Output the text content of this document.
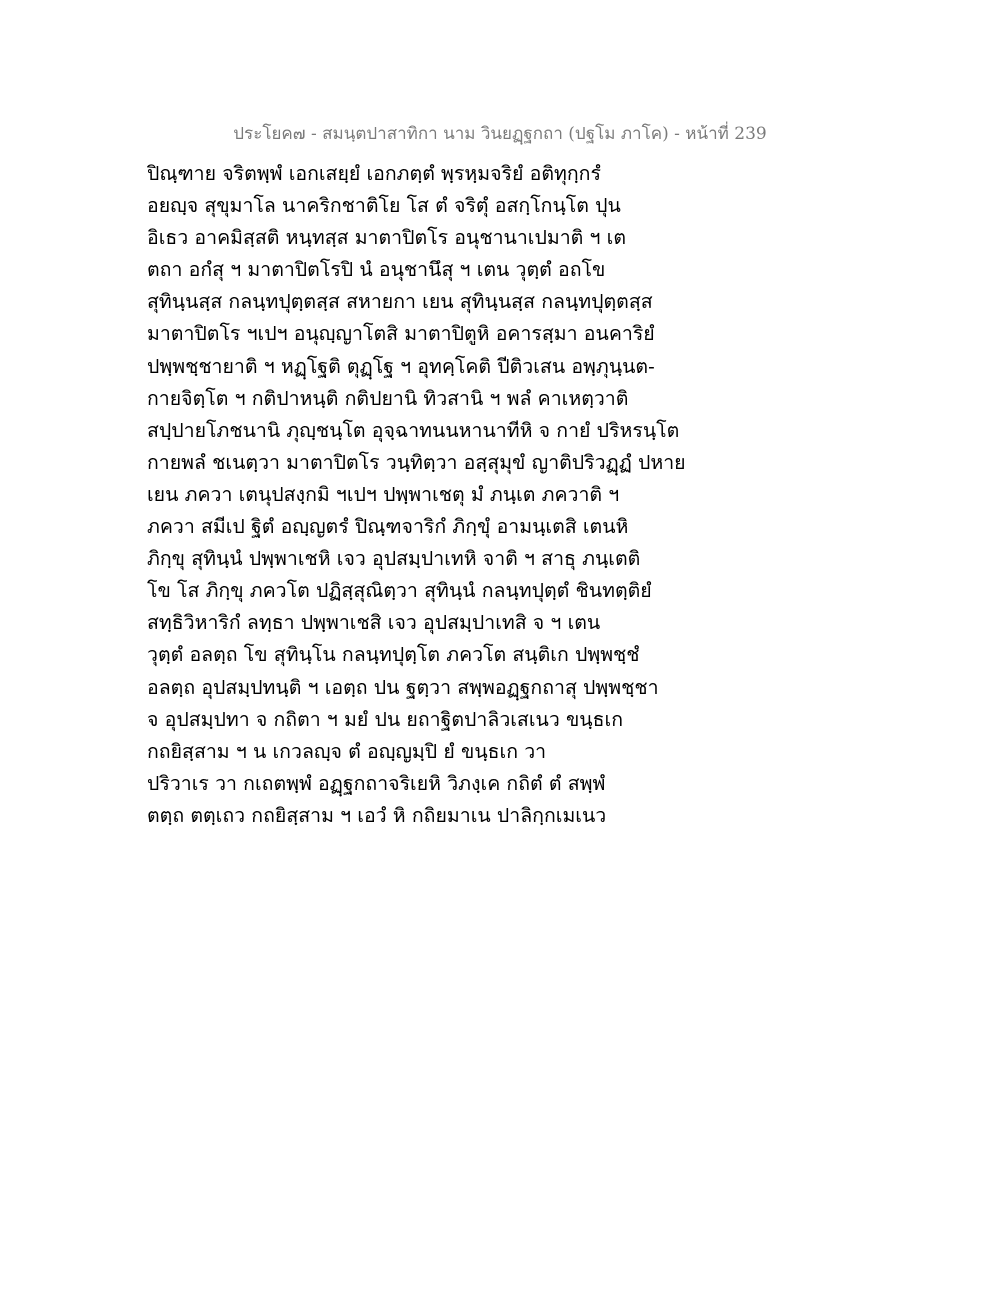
ประโยค๗ - สมนฺตปาสาทิกา นาม วินยฏฺฐกถา (ปฐโม ภาโค) - หน้าที่ 239
ปิณฺฑาย จริตพฺพํ เอกเสยฺยํ เอกภตฺตํ พฺรหฺมจริยํ อติทุกฺกรํ
อยญฺจ สุขุมาโล นาคริกชาติโย โส ตํ จริตุํ อสกฺโกนฺโต ปุน
อิเธว อาคมิสฺสติ หนฺทสฺส มาตาปิตโร อนุชานาเปมาติ ฯ เต
ตถา อกํสุ ฯ มาตาปิตโรปิ นํ อนุชานึสุ ฯ เตน วุตฺตํ อถโข
สุทินฺนสฺส กลนฺทปุตฺตสฺส สหายกา เยน สุทินฺนสฺส กลนฺทปุตฺตสฺส
มาตาปิตโร ฯเปฯ อนุญฺญาโตสิ มาตาปิตูหิ อคารสฺมา อนคาริยํ
ปพฺพชฺชายาติ ฯ หฏฺโฐติ ตุฏฺโฐ ฯ อุทคฺโคติ ปีติวเสน อพฺภุนฺนต-
กายจิตฺโต ฯ กติปาหนฺติ กติปยานิ ทิวสานิ ฯ พลํ คาเหตฺวาติ
สปฺปายโภชนานิ ภุญฺชนฺโต อุจฺฉาทนนหานาทีหิ จ กายํ ปริหรนฺโต
กายพลํ ชเนตฺวา มาตาปิตโร วนฺทิตฺวา อสฺสุมุขํ ญาติปริวฏฺฏํ ปหาย
เยน ภควา เตนุปสงฺกมิ ฯเปฯ ปพฺพาเชตุ มํ ภนฺเต ภควาติ ฯ
ภควา สมีเป ฐิตํ อญฺญตรํ ปิณฺฑจาริกํ ภิกฺขุํ อามนฺเตสิ เตนหิ
ภิกฺขุ สุทินฺนํ ปพฺพาเชหิ เจว อุปสมฺปาเทหิ จาติ ฯ สาธุ ภนฺเตติ
โข โส ภิกฺขุ ภควโต ปฏิสฺสุณิตฺวา สุทินฺนํ กลนฺทปุตฺตํ ชินทตฺติยํ
สทฺธิวิหาริกํ ลทฺธา ปพฺพาเชสิ เจว อุปสมฺปาเทสิ จ ฯ เตน
วุตฺตํ อลตฺถ โข สุทินฺโน กลนฺทปุตฺโต ภควโต สนฺติเก ปพฺพชฺชํ
อลตฺถ อุปสมฺปทนฺติ ฯ เอตฺถ ปน ฐตฺวา สพฺพอฏฺฐกถาสุ ปพฺพชฺชา
จ อุปสมฺปทา จ กถิตา ฯ มยํ ปน ยถาฐิตปาลิวเสเนว ขนฺธเก
กถยิสฺสาม ฯ น เกวลญฺจ ตํ อญฺญมฺปิ ยํ ขนฺธเก วา
ปริวาเร วา กเถตพฺพํ อฏฺฐกถาจริเยหิ วิภงฺเค กถิตํ ตํ สพฺพํ
ตตฺถ ตตฺเถว กถยิสฺสาม ฯ เอวํ หิ กถิยมาเน ปาลิกฺกเมเนว
